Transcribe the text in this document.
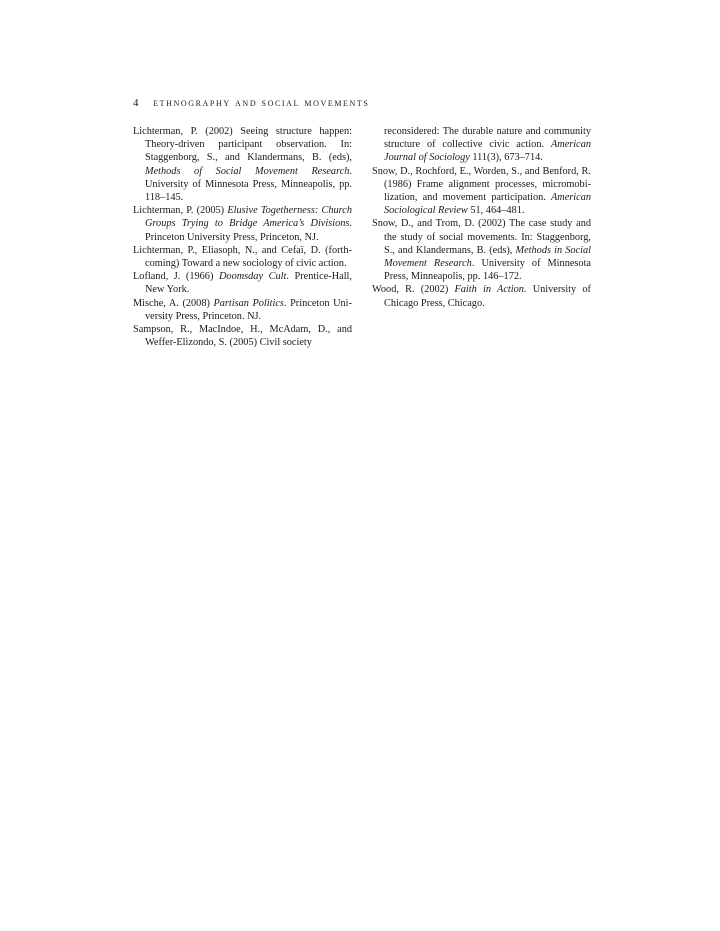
4 ethnography and social movements

Lichterman, P. (2002) Seeing structure happen: Theory-driven participant observation. In: Staggenborg, S., and Klandermans, B. (eds), Methods of Social Movement Research. University of Minnesota Press, Minneapolis, pp. 118–145.

Lichterman, P. (2005) Elusive Togetherness: Church Groups Trying to Bridge America’s Divisions. Princeton University Press, Princeton, NJ.

Lichterman, P., Eliasoph, N., and Cefaï, D. (forthcoming) Toward a new sociology of civic action.

Lofland, J. (1966) Doomsday Cult. Prentice-Hall, New York.

Mische, A. (2008) Partisan Politics. Princeton University Press, Princeton. NJ.

Sampson, R., MacIndoe, H., McAdam, D., and Weffer-Elizondo, S. (2005) Civil society

reconsidered: The durable nature and community structure of collective civic action. American Journal of Sociology 111(3), 673–714.

Snow, D., Rochford, E., Worden, S., and Benford, R. (1986) Frame alignment processes, micromobilization, and movement participation. American Sociological Review 51, 464–481.

Snow, D., and Trom, D. (2002) The case study and the study of social movements. In: Staggenborg, S., and Klandermans, B. (eds), Methods in Social Movement Research. University of Minnesota Press, Minneapolis, pp. 146–172.

Wood, R. (2002) Faith in Action. University of Chicago Press, Chicago.
